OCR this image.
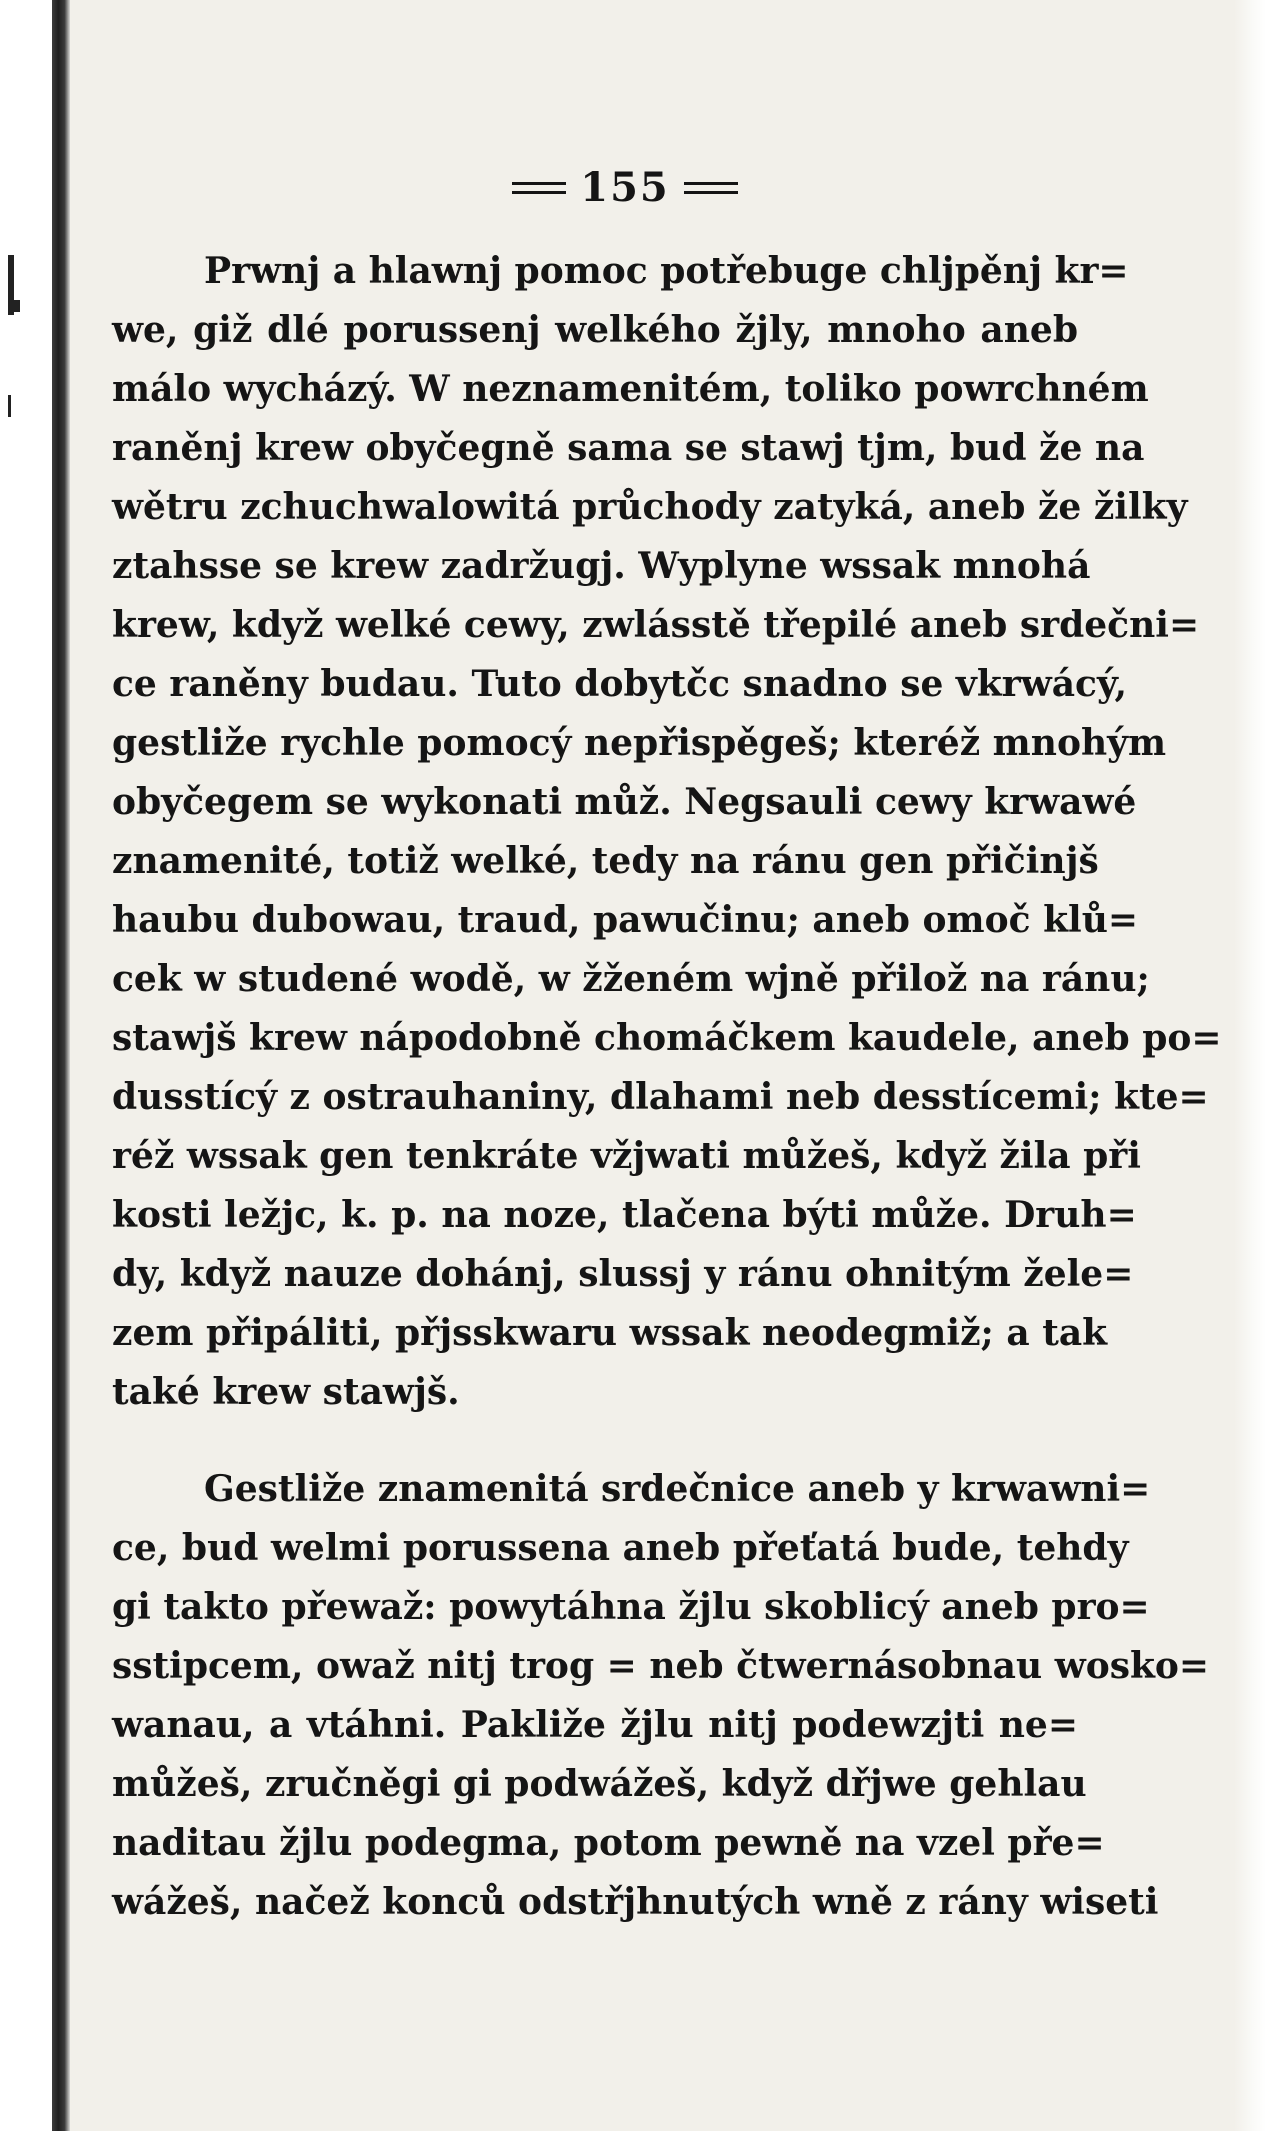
155
Prwnj a hlawnj pomoc potřebuge chljpěnj kr=
we, giž dlé porussenj welkého žjly, mnoho aneb
málo wycházý. W neznamenitém, toliko powrchném
raněnj krew obyčegně sama se stawj tjm, bud že na
wětru zchuchwalowitá průchody zatyká, aneb že žilky
ztahsse se krew zadržugj. Wyplyne wssak mnohá
krew, když welké cewy, zwlásstě třepilé aneb srdečni=
ce raněny budau. Tuto dobytčc snadno se vkrwácý,
gestliže rychle pomocý nepřispěgeš; kteréž mnohým
obyčegem se wykonati můž. Negsauli cewy krwawé
znamenité, totiž welké, tedy na ránu gen přičinjš
haubu dubowau, traud, pawučinu; aneb omoč klů=
cek w studené wodě, w žženém wjně přilož na ránu;
stawjš krew nápodobně chomáčkem kaudele, aneb po=
dusstícý z ostrauhaniny, dlahami neb desstícemi; kte=
réž wssak gen tenkráte vžjwati můžeš, když žila při
kosti ležjc, k. p. na noze, tlačena býti může. Druh=
dy, když nauze dohánj, slussj y ránu ohnitým žele=
zem připáliti, přjsskwaru wssak neodegmiž; a tak
také krew stawjš.
Gestliže znamenitá srdečnice aneb y krwawni=
ce, bud welmi porussena aneb přeťatá bude, tehdy
gi takto přewaž: powytáhna žjlu skoblicý aneb pro=
sstipcem, owaž nitj trog = neb čtwernásobnau wosko=
wanau, a vtáhni. Pakliže žjlu nitj podewzjti ne=
můžeš, zručněgi gi podwážeš, když dřjwe gehlau
naditau žjlu podegma, potom pewně na vzel pře=
wážeš, načež konců odstřjhnutých wně z rány wiseti
